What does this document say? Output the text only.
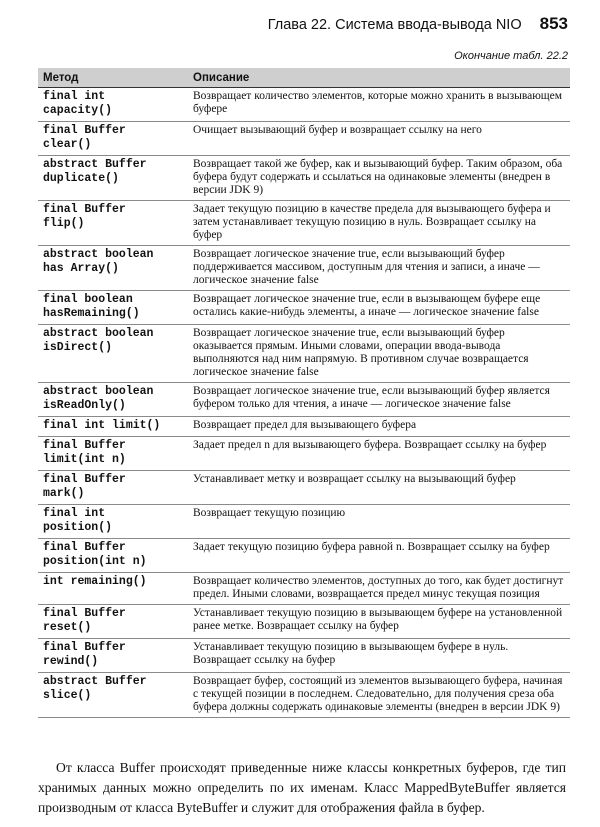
Глава 22. Система ввода-вывода NIO 853
Окончание табл. 22.2
Метод	Описание
final int
capacity()	Возвращает количество элементов, которые можно хранить в вызывающем буфере
final Buffer
clear()	Очищает вызывающий буфер и возвращает ссылку на него
abstract Buffer
duplicate()	Возвращает такой же буфер, как и вызывающий буфер. Таким образом, оба буфера будут содержать и ссылаться на одинаковые элементы (внедрен в версии JDK 9)
final Buffer
flip()	Задает текущую позицию в качестве предела для вызывающего буфера и затем устанавливает текущую позицию в нуль. Возвращает ссылку на буфер
abstract boolean
has Array()	Возвращает логическое значение true, если вызывающий буфер поддерживается массивом, доступным для чтения и записи, а иначе — логическое значение false
final boolean
hasRemaining()	Возвращает логическое значение true, если в вызывающем буфере еще остались какие-нибудь элементы, а иначе — логическое значение false
abstract boolean
isDirect()	Возвращает логическое значение true, если вызывающий буфер оказывается прямым. Иными словами, операции ввода-вывода выполняются над ним напрямую. В противном случае возвращается логическое значение false
abstract boolean
isReadOnly()	Возвращает логическое значение true, если вызывающий буфер является буфером только для чтения, а иначе — логическое значение false
final int limit()	Возвращает предел для вызывающего буфера
final Buffer
limit(int n)	Задает предел n для вызывающего буфера. Возвращает ссылку на буфер
final Buffer
mark()	Устанавливает метку и возвращает ссылку на вызывающий буфер
final int
position()	Возвращает текущую позицию
final Buffer
position(int n)	Задает текущую позицию буфера равной n. Возвращает ссылку на буфер
int remaining()	Возвращает количество элементов, доступных до того, как будет достигнут предел. Иными словами, возвращается предел минус текущая позиция
final Buffer
reset()	Устанавливает текущую позицию в вызывающем буфере на установленной ранее метке. Возвращает ссылку на буфер
final Buffer
rewind()	Устанавливает текущую позицию в вызывающем буфере в нуль. Возвращает ссылку на буфер
abstract Buffer
slice()	Возвращает буфер, состоящий из элементов вызывающего буфера, начиная с текущей позиции в последнем. Следовательно, для получения среза оба буфера должны содержать одинаковые элементы (внедрен в версии JDK 9)

От класса Buffer происходят приведенные ниже классы конкретных буферов, где тип хранимых данных можно определить по их именам. Класс MappedByteBuffer является производным от класса ByteBuffer и служит для отображения файла в буфер.
